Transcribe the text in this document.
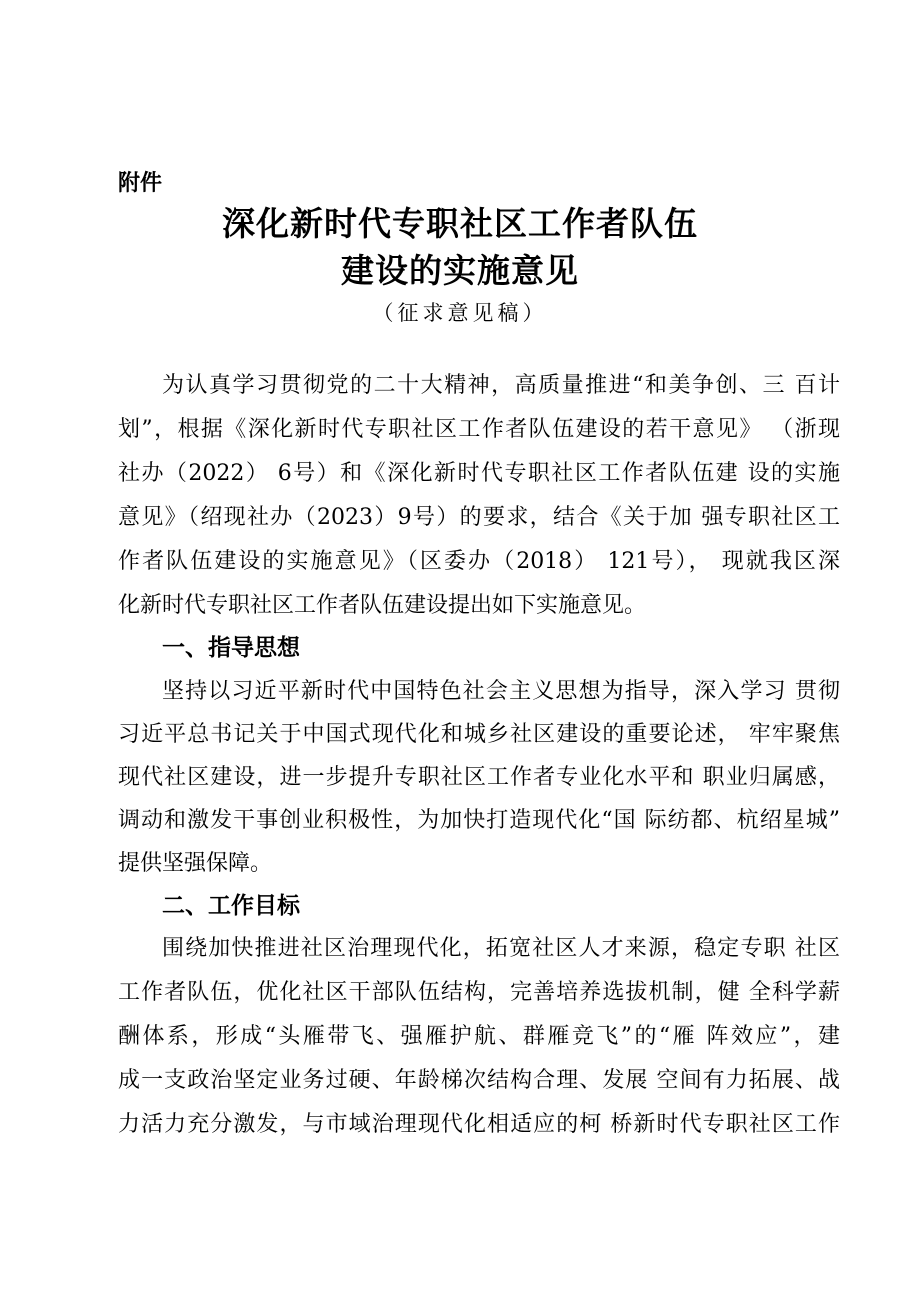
附件
深化新时代专职社区工作者队伍
建设的实施意见
（征求意见稿）
为认真学习贯彻党的二十大精神，高质量推进“和美争创、三 百计
划”，根据《深化新时代专职社区工作者队伍建设的若干意见》 （浙现
社办（2022） 6号）和《深化新时代专职社区工作者队伍建 设的实施
意见》（绍现社办（2023）9号）的要求，结合《关于加 强专职社区工
作者队伍建设的实施意见》（区委办（2018） 121号）， 现就我区深
化新时代专职社区工作者队伍建设提出如下实施意见。
一、指导思想
坚持以习近平新时代中国特色社会主义思想为指导，深入学习 贯彻
习近平总书记关于中国式现代化和城乡社区建设的重要论述， 牢牢聚焦
现代社区建设，进一步提升专职社区工作者专业化水平和 职业归属感，
调动和激发干事创业积极性，为加快打造现代化“国 际纺都、杭绍星城”
提供坚强保障。
二、工作目标
围绕加快推进社区治理现代化，拓宽社区人才来源，稳定专职 社区
工作者队伍，优化社区干部队伍结构，完善培养选拔机制，健 全科学薪
酬体系，形成“头雁带飞、强雁护航、群雁竞飞”的“雁 阵效应”，建
成一支政治坚定业务过硬、年龄梯次结构合理、发展 空间有力拓展、战
力活力充分激发，与市域治理现代化相适应的柯 桥新时代专职社区工作
